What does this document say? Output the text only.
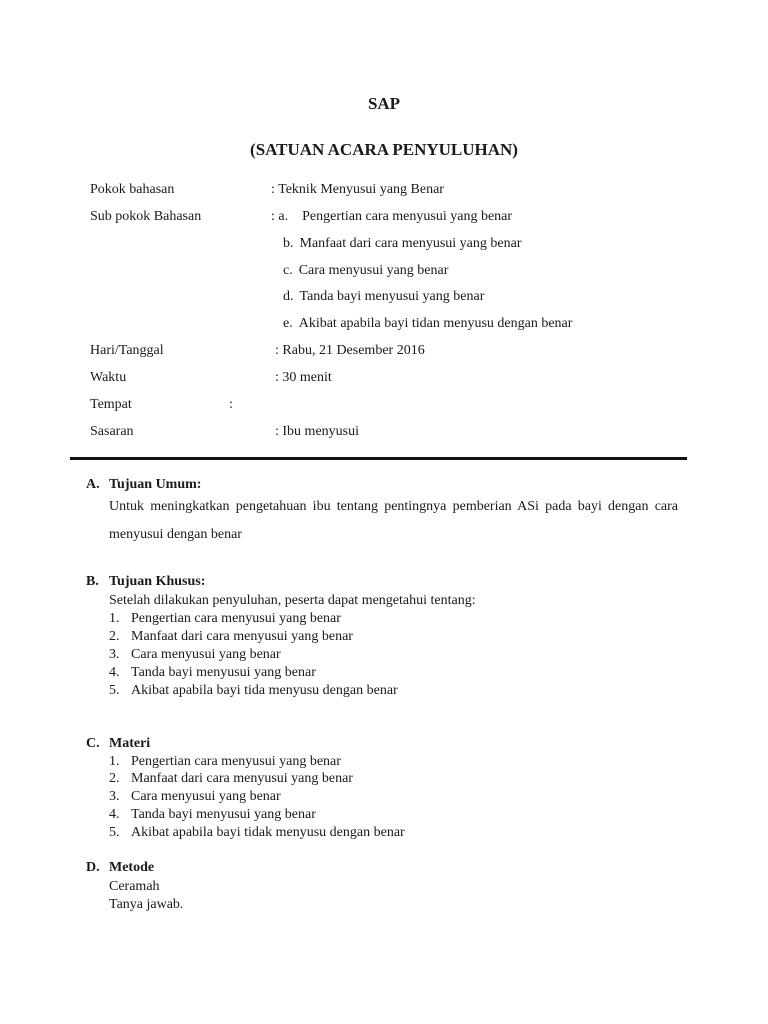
SAP
(SATUAN ACARA PENYULUHAN)
Pokok bahasan	: Teknik Menyusui yang Benar
Sub pokok Bahasan	: a. Pengertian cara menyusui yang benar
b. Manfaat dari cara menyusui yang benar
c. Cara menyusui yang benar
d. Tanda bayi menyusui yang benar
e. Akibat apabila bayi tidan menyusu dengan benar
Hari/Tanggal	: Rabu, 21 Desember 2016
Waktu	: 30 menit
Tempat	:
Sasaran	: Ibu menyusui
A. Tujuan Umum:
Untuk meningkatkan pengetahuan ibu tentang pentingnya pemberian ASi pada bayi dengan cara menyusui dengan benar
B. Tujuan Khusus:
Setelah dilakukan penyuluhan, peserta dapat mengetahui tentang:
1. Pengertian cara menyusui yang benar
2. Manfaat dari cara menyusui yang benar
3. Cara menyusui yang benar
4. Tanda bayi menyusui yang benar
5. Akibat apabila bayi tida menyusu dengan benar
C. Materi
1. Pengertian cara menyusui yang benar
2. Manfaat dari cara menyusui yang benar
3. Cara menyusui yang benar
4. Tanda bayi menyusui yang benar
5. Akibat apabila bayi tidak menyusu dengan benar
D. Metode
Ceramah
Tanya jawab.
